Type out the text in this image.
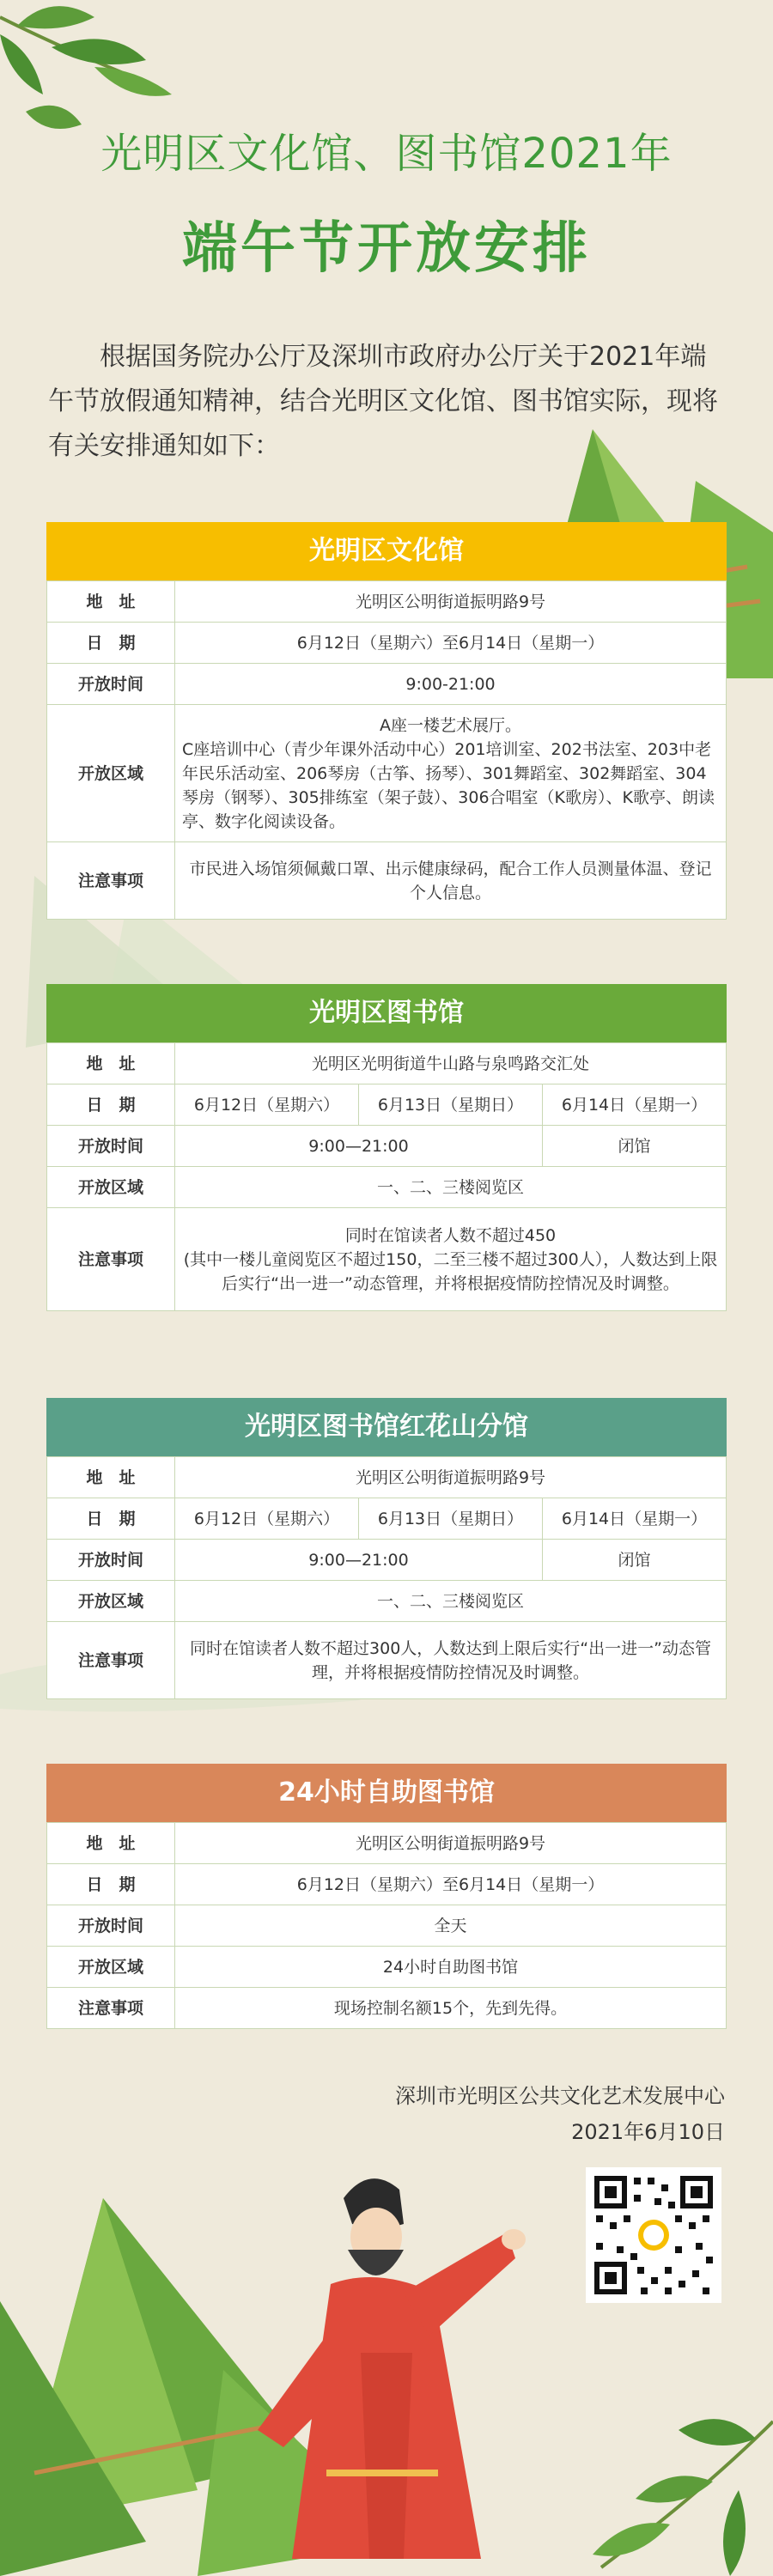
光明区文化馆、图书馆2021年
端午节开放安排
根据国务院办公厅及深圳市政府办公厅关于2021年端午节放假通知精神，结合光明区文化馆、图书馆实际，现将有关安排通知如下：
光明区文化馆
地　址	光明区公明街道振明路9号
日　期	6月12日（星期六）至6月14日（星期一）
开放时间	9:00-21:00
开放区域	A座一楼艺术展厅。
C座培训中心（青少年课外活动中心）201培训室、202书法室、203中老年民乐活动室、206琴房（古筝、扬琴）、301舞蹈室、302舞蹈室、304琴房（钢琴）、305排练室（架子鼓）、306合唱室（K歌房）、K歌亭、朗读亭、数字化阅读设备。

注意事项	市民进入场馆须佩戴口罩、出示健康绿码，配合工作人员测量体温、登记个人信息。
光明区图书馆
地　址	光明区光明街道牛山路与泉鸣路交汇处		
日　期	6月12日（星期六）	6月13日（星期日）	6月14日（星期一）
开放时间	9:00—21:00		闭馆
开放区域	一、二、三楼阅览区		
注意事项	同时在馆读者人数不超过450
(其中一楼儿童阅览区不超过150，二至三楼不超过300人），人数达到上限后实行“出一进一”动态管理，并将根据疫情防控情况及时调整。		
光明区图书馆红花山分馆
地　址	光明区公明街道振明路9号		
日　期	6月12日（星期六）	6月13日（星期日）	6月14日（星期一）
开放时间	9:00—21:00		闭馆
开放区域	一、二、三楼阅览区		
注意事项	同时在馆读者人数不超过300人，人数达到上限后实行“出一进一”动态管理，并将根据疫情防控情况及时调整。		
24小时自助图书馆
地　址	光明区公明街道振明路9号
日　期	6月12日（星期六）至6月14日（星期一）
开放时间	全天
开放区域	24小时自助图书馆
注意事项	现场控制名额15个，先到先得。
深圳市光明区公共文化艺术发展中心
2021年6月10日
